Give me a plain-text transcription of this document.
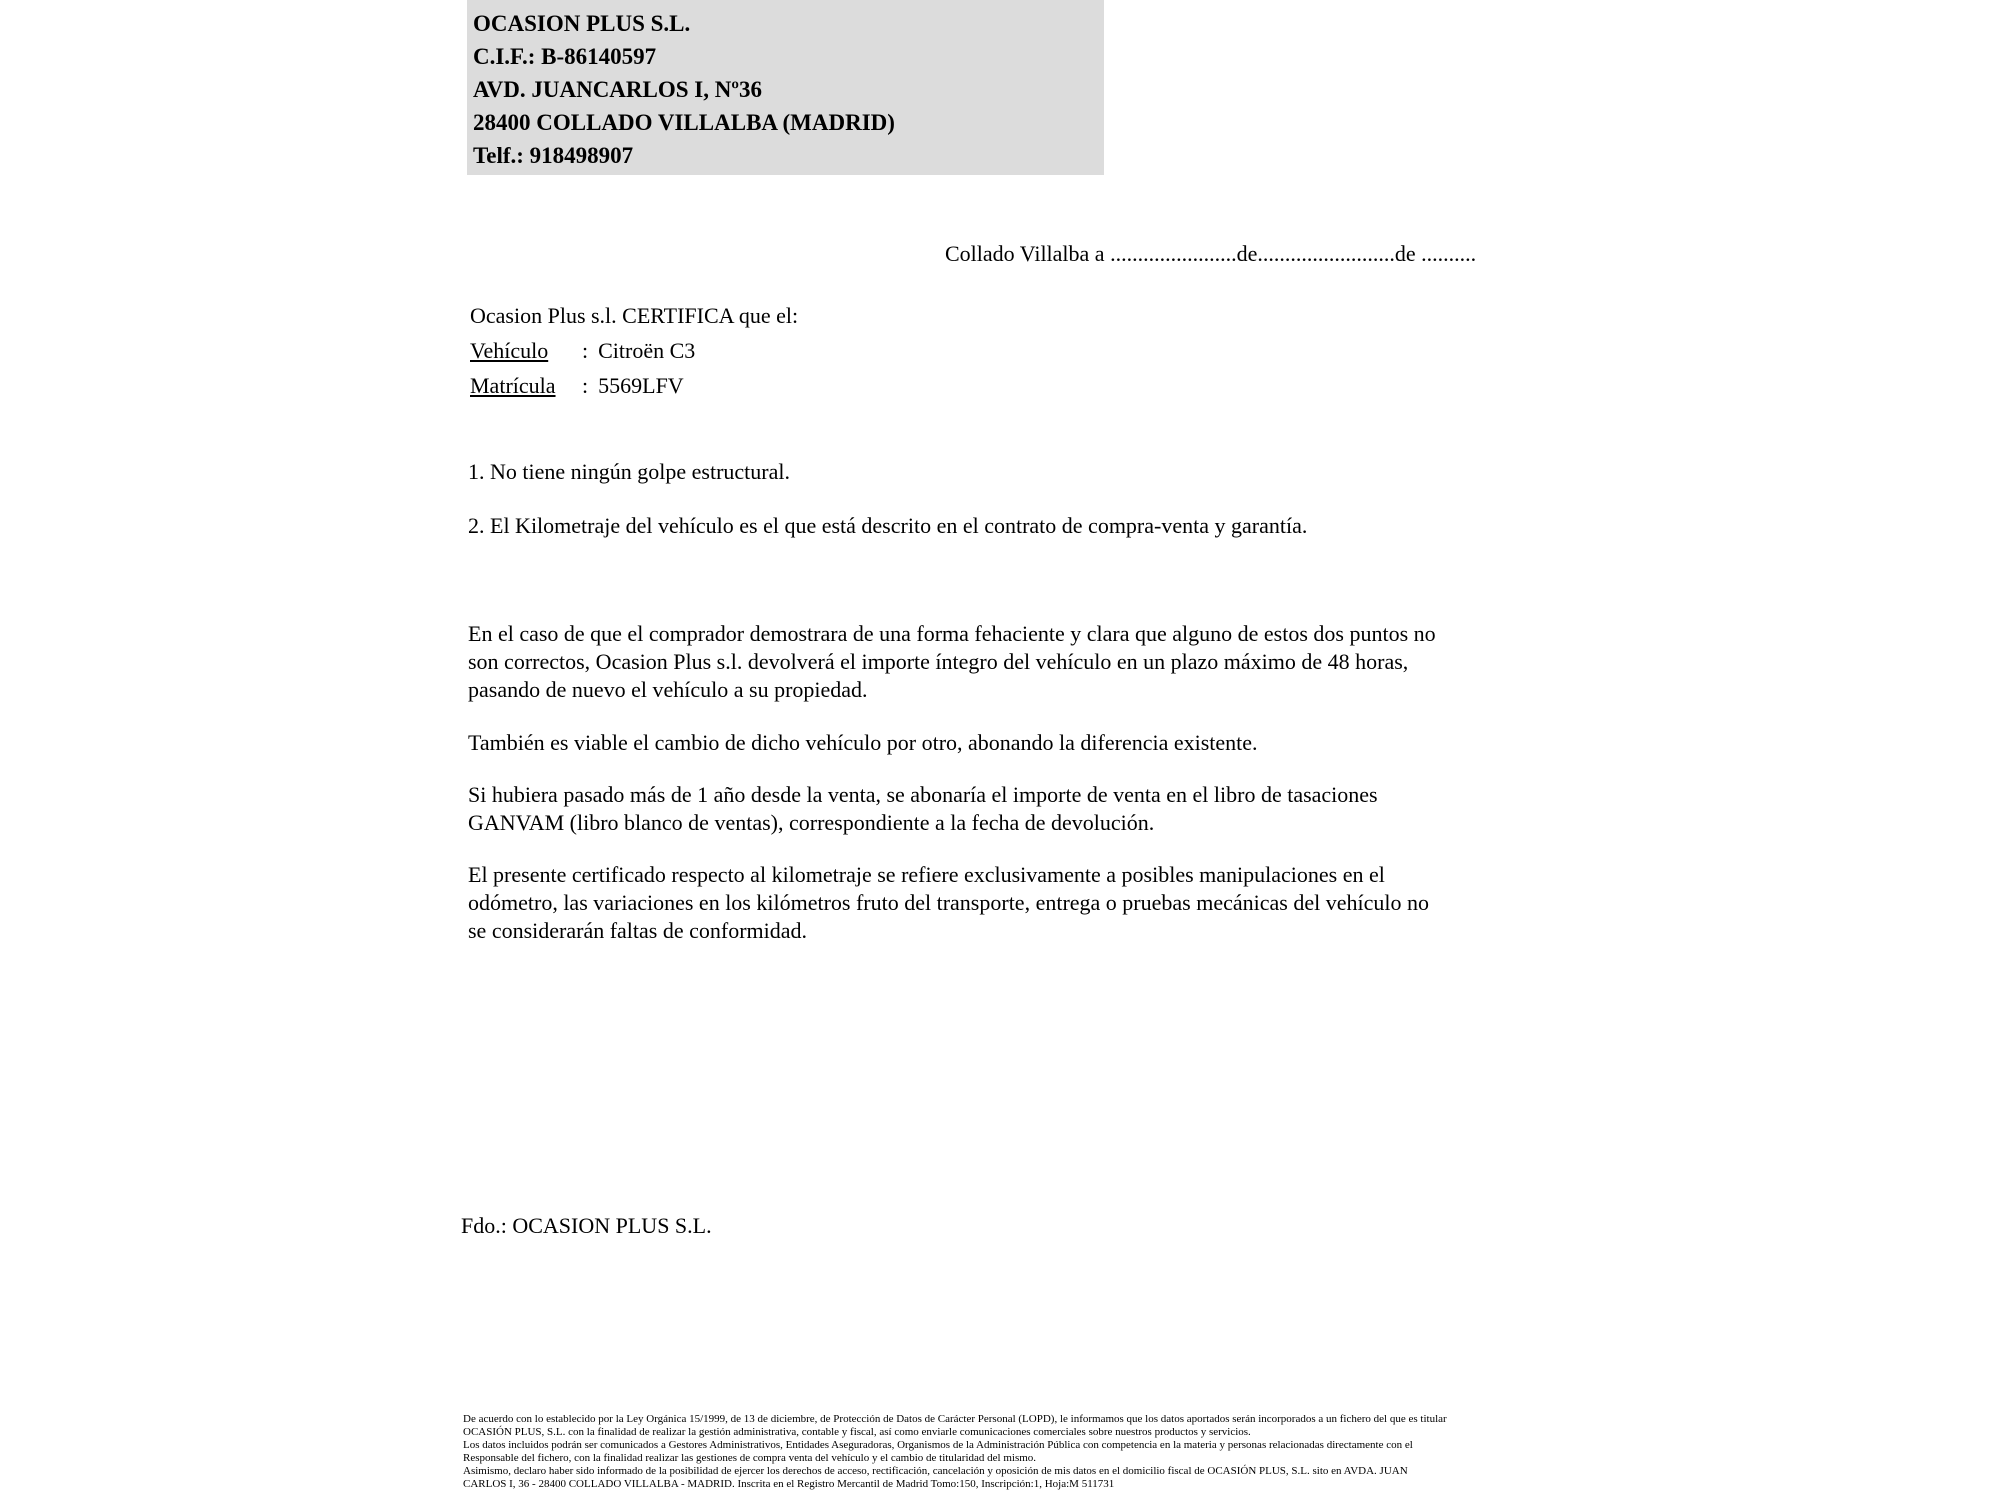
OCASION PLUS S.L.
C.I.F.: B-86140597
AVD. JUANCARLOS I, Nº36
28400 COLLADO VILLALBA (MADRID)
Telf.: 918498907
Collado Villalba a .......................de.........................de ..........
Ocasion Plus s.l. CERTIFICA que el:
Vehículo : Citroën C3
Matrícula : 5569LFV
1. No tiene ningún golpe estructural.
2. El Kilometraje del vehículo es el que está descrito en el contrato de compra-venta y garantía.
En el caso de que el comprador demostrara de una forma fehaciente y clara que alguno de estos dos puntos no
son correctos, Ocasion Plus s.l. devolverá el importe íntegro del vehículo en un plazo máximo de 48 horas,
pasando de nuevo el vehículo a su propiedad.
También es viable el cambio de dicho vehículo por otro, abonando la diferencia existente.
Si hubiera pasado más de 1 año desde la venta, se abonaría el importe de venta en el libro de tasaciones
GANVAM (libro blanco de ventas), correspondiente a la fecha de devolución.
El presente certificado respecto al kilometraje se refiere exclusivamente a posibles manipulaciones en el
odómetro, las variaciones en los kilómetros fruto del transporte, entrega o pruebas mecánicas del vehículo no
se considerarán faltas de conformidad.
Fdo.: OCASION PLUS S.L.
De acuerdo con lo establecido por la Ley Orgánica 15/1999, de 13 de diciembre, de Protección de Datos de Carácter Personal (LOPD), le informamos que los datos aportados serán incorporados a un fichero del que es titular
OCASIÓN PLUS, S.L. con la finalidad de realizar la gestión administrativa, contable y fiscal, así como enviarle comunicaciones comerciales sobre nuestros productos y servicios.
Los datos incluidos podrán ser comunicados a Gestores Administrativos, Entidades Aseguradoras, Organismos de la Administración Pública con competencia en la materia y personas relacionadas directamente con el
Responsable del fichero, con la finalidad realizar las gestiones de compra venta del vehículo y el cambio de titularidad del mismo.
Asimismo, declaro haber sido informado de la posibilidad de ejercer los derechos de acceso, rectificación, cancelación y oposición de mis datos en el domicilio fiscal de OCASIÓN PLUS, S.L. sito en AVDA. JUAN
CARLOS I, 36 - 28400 COLLADO VILLALBA - MADRID. Inscrita en el Registro Mercantil de Madrid Tomo:150, Inscripción:1, Hoja:M 511731
